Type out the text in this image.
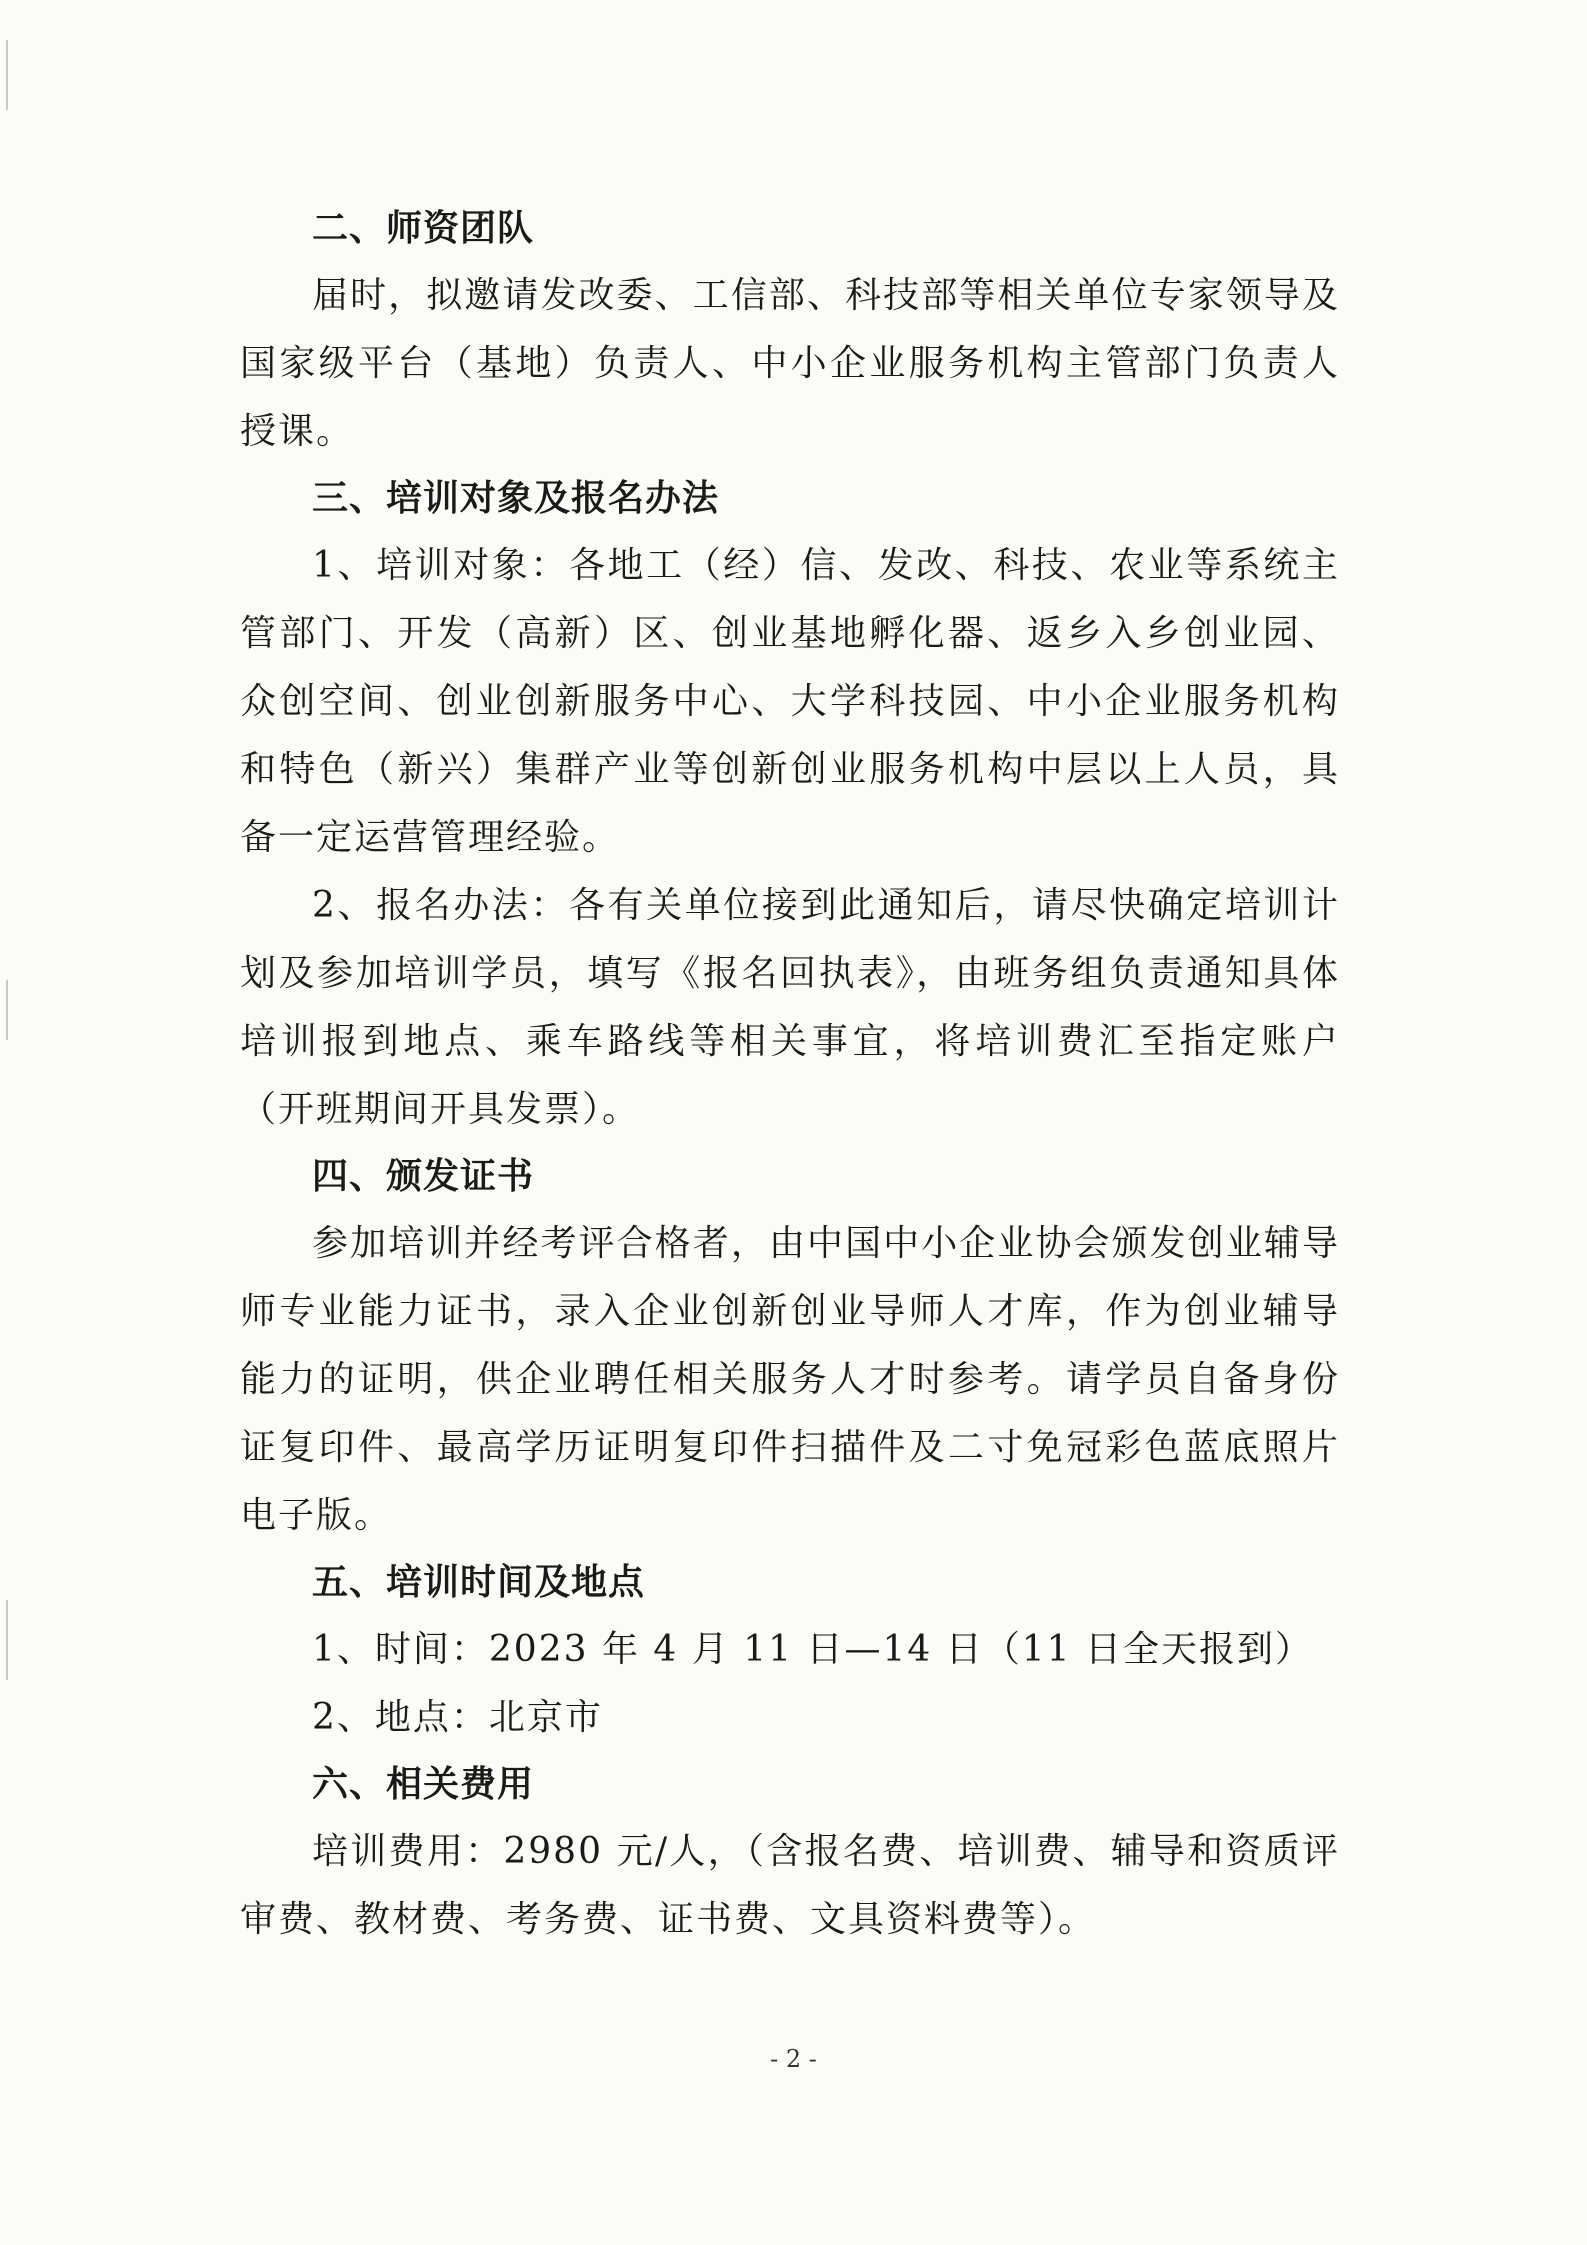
二、师资团队

届时，拟邀请发改委、工信部、科技部等相关单位专家领导及国家级平台（基地）负责人、中小企业服务机构主管部门负责人授课。

三、培训对象及报名办法

1、培训对象：各地工（经）信、发改、科技、农业等系统主管部门、开发（高新）区、创业基地孵化器、返乡入乡创业园、众创空间、创业创新服务中心、大学科技园、中小企业服务机构和特色（新兴）集群产业等创新创业服务机构中层以上人员，具备一定运营管理经验。

2、报名办法：各有关单位接到此通知后，请尽快确定培训计划及参加培训学员，填写《报名回执表》，由班务组负责通知具体培训报到地点、乘车路线等相关事宜，将培训费汇至指定账户（开班期间开具发票）。

四、颁发证书

参加培训并经考评合格者，由中国中小企业协会颁发创业辅导师专业能力证书，录入企业创新创业导师人才库，作为创业辅导能力的证明，供企业聘任相关服务人才时参考。请学员自备身份证复印件、最高学历证明复印件扫描件及二寸免冠彩色蓝底照片电子版。

五、培训时间及地点

1、时间：2023 年 4 月 11 日—14 日（11 日全天报到）

2、地点：北京市

六、相关费用

培训费用：2980 元/人，（含报名费、培训费、辅导和资质评审费、教材费、考务费、证书费、文具资料费等）。

- 2 -
